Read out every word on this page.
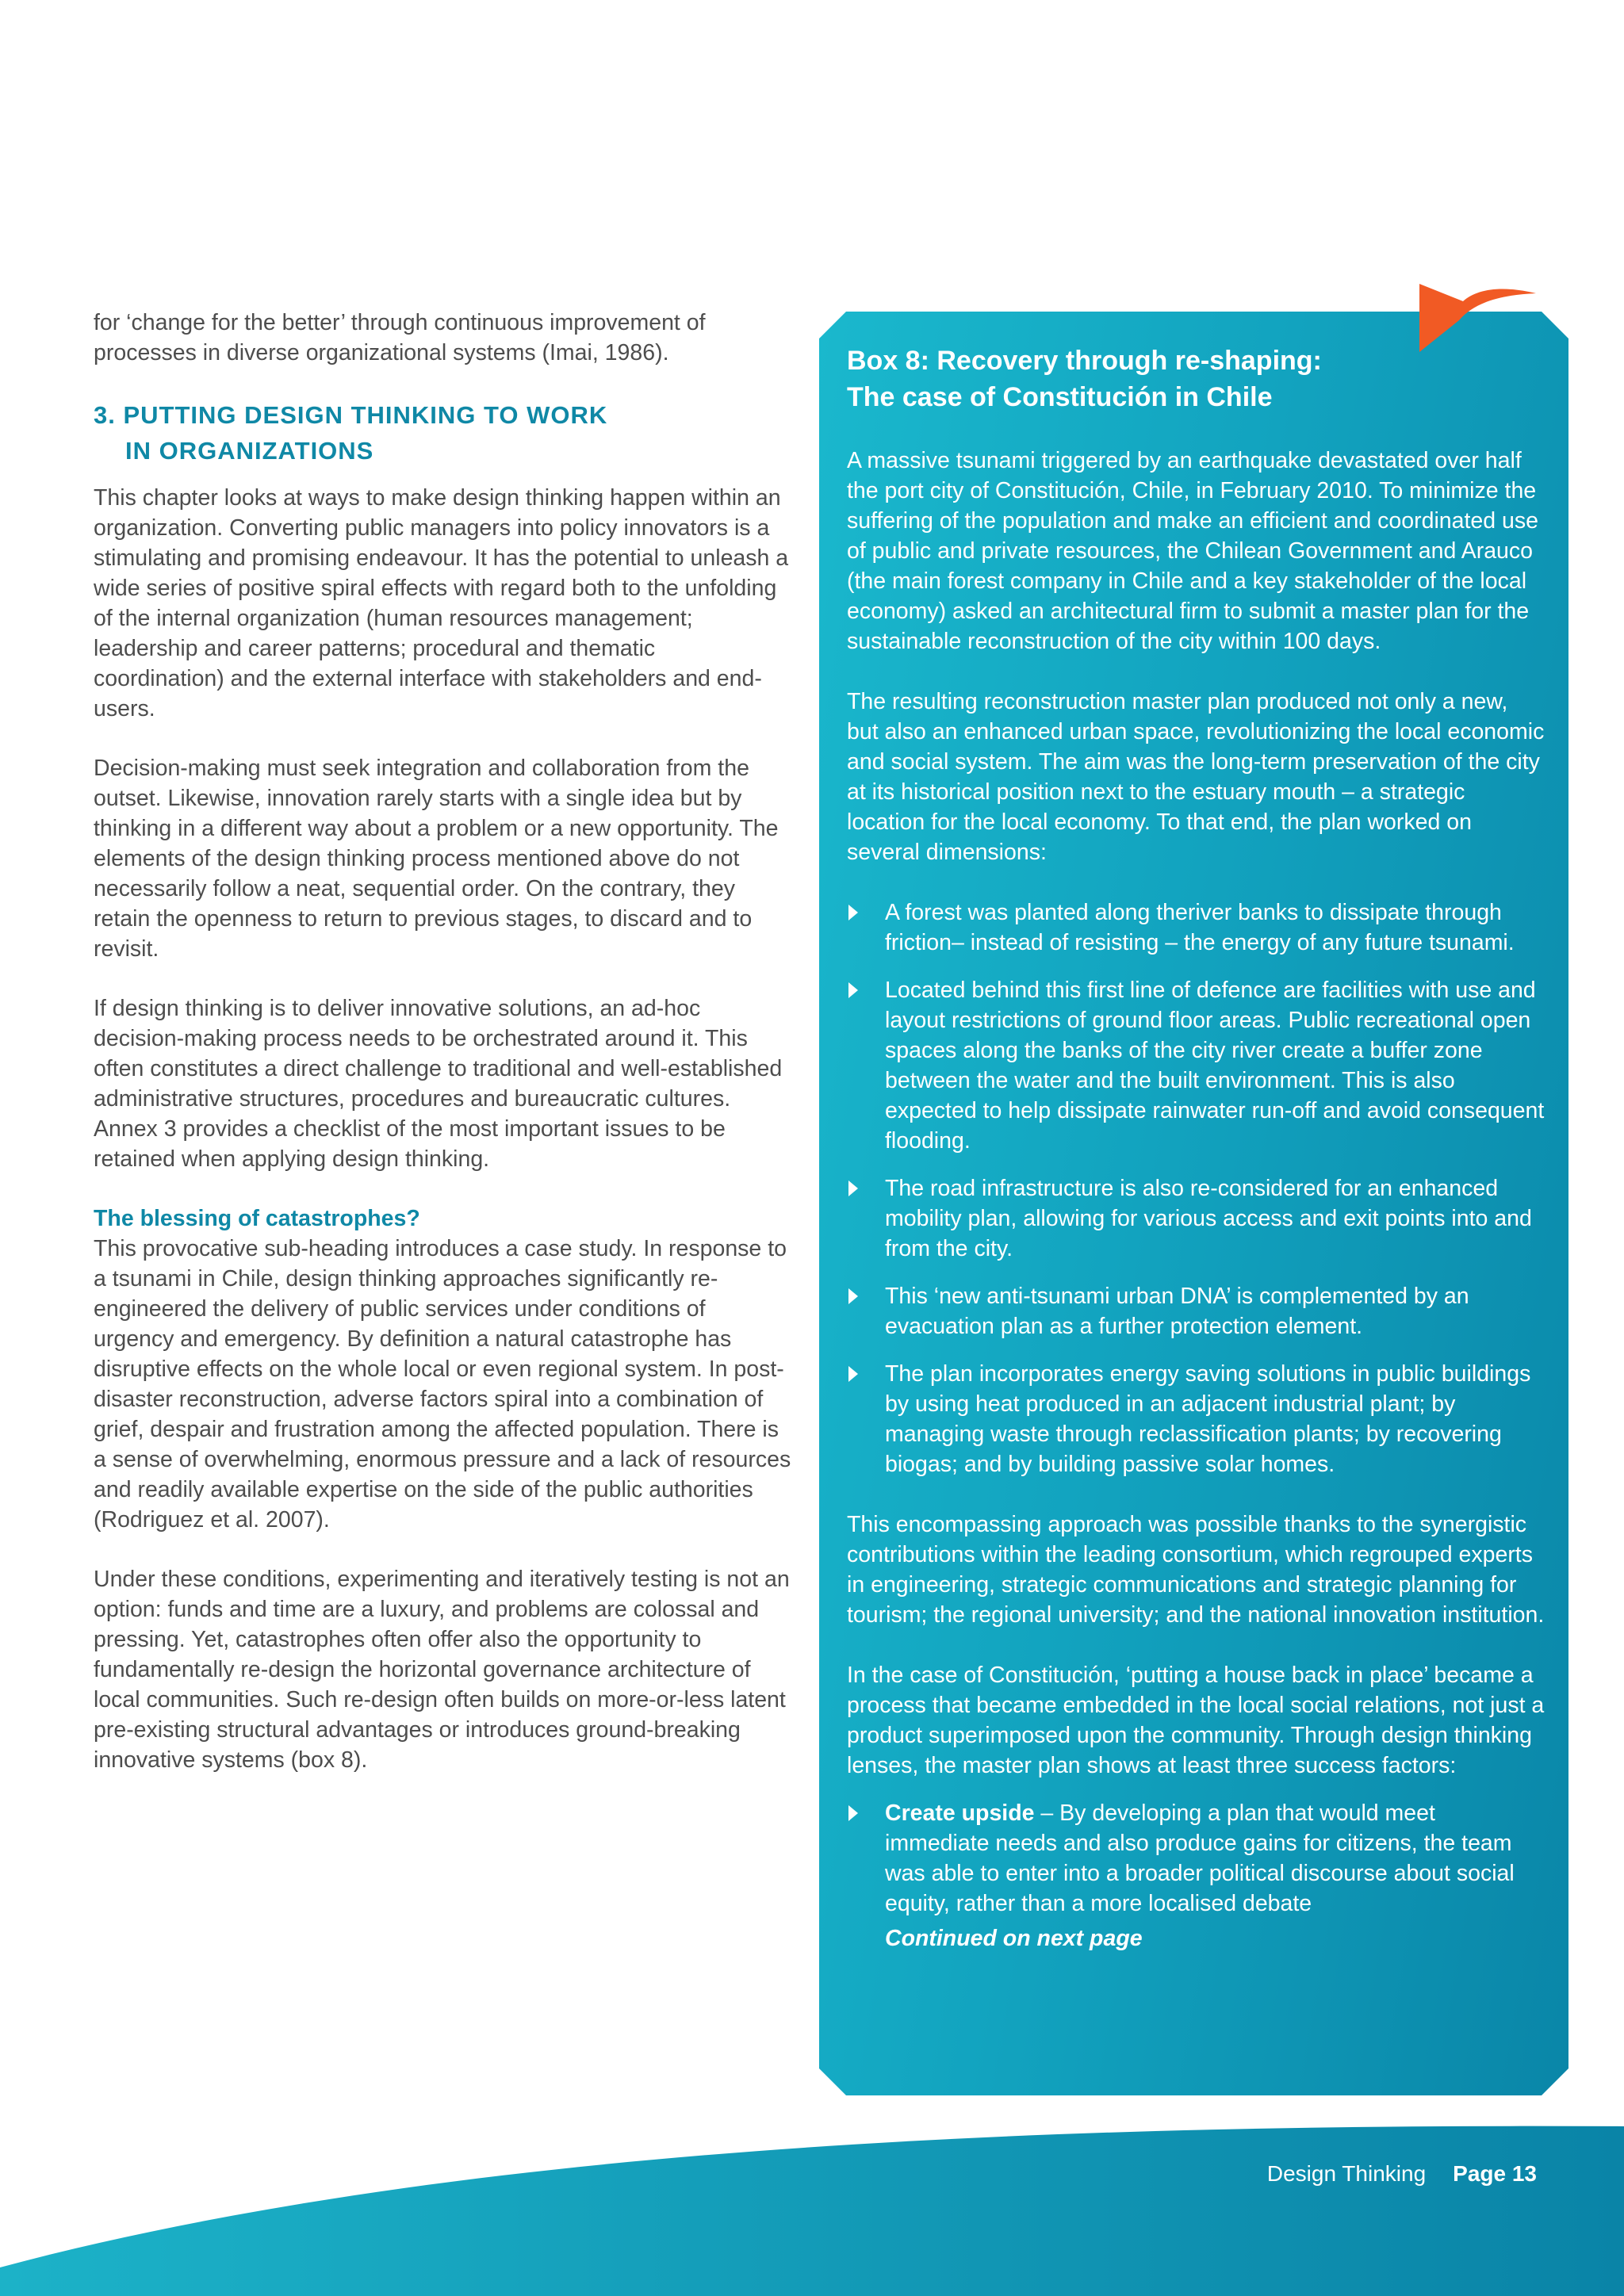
for ‘change for the better’ through continuous improvement of processes in diverse organizational systems (Imai, 1986).

3. PUTTING DESIGN THINKING TO WORK
IN ORGANIZATIONS

This chapter looks at ways to make design thinking happen within an organization. Converting public managers into policy innovators is a stimulating and promising endeavour. It has the potential to unleash a wide series of positive spiral effects with regard both to the unfolding of the internal organization (human resources management; leadership and career patterns; procedural and thematic coordination) and the external interface with stakeholders and end-users.

Decision-making must seek integration and collaboration from the outset. Likewise, innovation rarely starts with a single idea but by thinking in a different way about a problem or a new opportunity. The elements of the design thinking process mentioned above do not necessarily follow a neat, sequential order. On the contrary, they retain the openness to return to previous stages, to discard and to revisit.

If design thinking is to deliver innovative solutions, an ad-hoc decision-making process needs to be orchestrated around it. This often constitutes a direct challenge to traditional and well-established administrative structures, procedures and bureaucratic cultures. Annex 3 provides a checklist of the most important issues to be retained when applying design thinking.

The blessing of catastrophes?

This provocative sub-heading introduces a case study. In response to a tsunami in Chile, design thinking approaches significantly re-engineered the delivery of public services under conditions of urgency and emergency. By definition a natural catastrophe has disruptive effects on the whole local or even regional system. In post-disaster reconstruction, adverse factors spiral into a combination of grief, despair and frustration among the affected population. There is a sense of overwhelming, enormous pressure and a lack of resources and readily available expertise on the side of the public authorities (Rodriguez et al. 2007).

Under these conditions, experimenting and iteratively testing is not an option: funds and time are a luxury, and problems are colossal and pressing. Yet, catastrophes often offer also the opportunity to fundamentally re-design the horizontal governance architecture of local communities. Such re-design often builds on more-or-less latent pre-existing structural advantages or introduces ground-breaking innovative systems (box 8).

Box 8: Recovery through re-shaping:
The case of Constitución in Chile

A massive tsunami triggered by an earthquake devastated over half the port city of Constitución, Chile, in February 2010. To minimize the suffering of the population and make an efficient and coordinated use of public and private resources, the Chilean Government and Arauco (the main forest company in Chile and a key stakeholder of the local economy) asked an architectural firm to submit a master plan for the sustainable reconstruction of the city within 100 days.

The resulting reconstruction master plan produced not only a new, but also an enhanced urban space, revolutionizing the local economic and social system. The aim was the long-term preservation of the city at its historical position next to the estuary mouth – a strategic location for the local economy. To that end, the plan worked on several dimensions:

A forest was planted along theriver banks to dissipate through friction– instead of resisting – the energy of any future tsunami.
Located behind this first line of defence are facilities with use and layout restrictions of ground floor areas. Public recreational open spaces along the banks of the city river create a buffer zone between the water and the built environment. This is also expected to help dissipate rainwater run-off and avoid consequent flooding.
The road infrastructure is also re-considered for an enhanced mobility plan, allowing for various access and exit points into and from the city.
This ‘new anti-tsunami urban DNA’ is complemented by an evacuation plan as a further protection element.
The plan incorporates energy saving solutions in public buildings by using heat produced in an adjacent industrial plant; by managing waste through reclassification plants; by recovering biogas; and by building passive solar homes.

This encompassing approach was possible thanks to the synergistic contributions within the leading consortium, which regrouped experts in engineering, strategic communications and strategic planning for tourism; the regional university; and the national innovation institution.

In the case of Constitución, ‘putting a house back in place’ became a process that became embedded in the local social relations, not just a product superimposed upon the community. Through design thinking lenses, the master plan shows at least three success factors:

Create upside – By developing a plan that would meet immediate needs and also produce gains for citizens, the team was able to enter into a broader political discourse about social equity, rather than a more localised debate
Continued on next page
Design Thinking Page 13
